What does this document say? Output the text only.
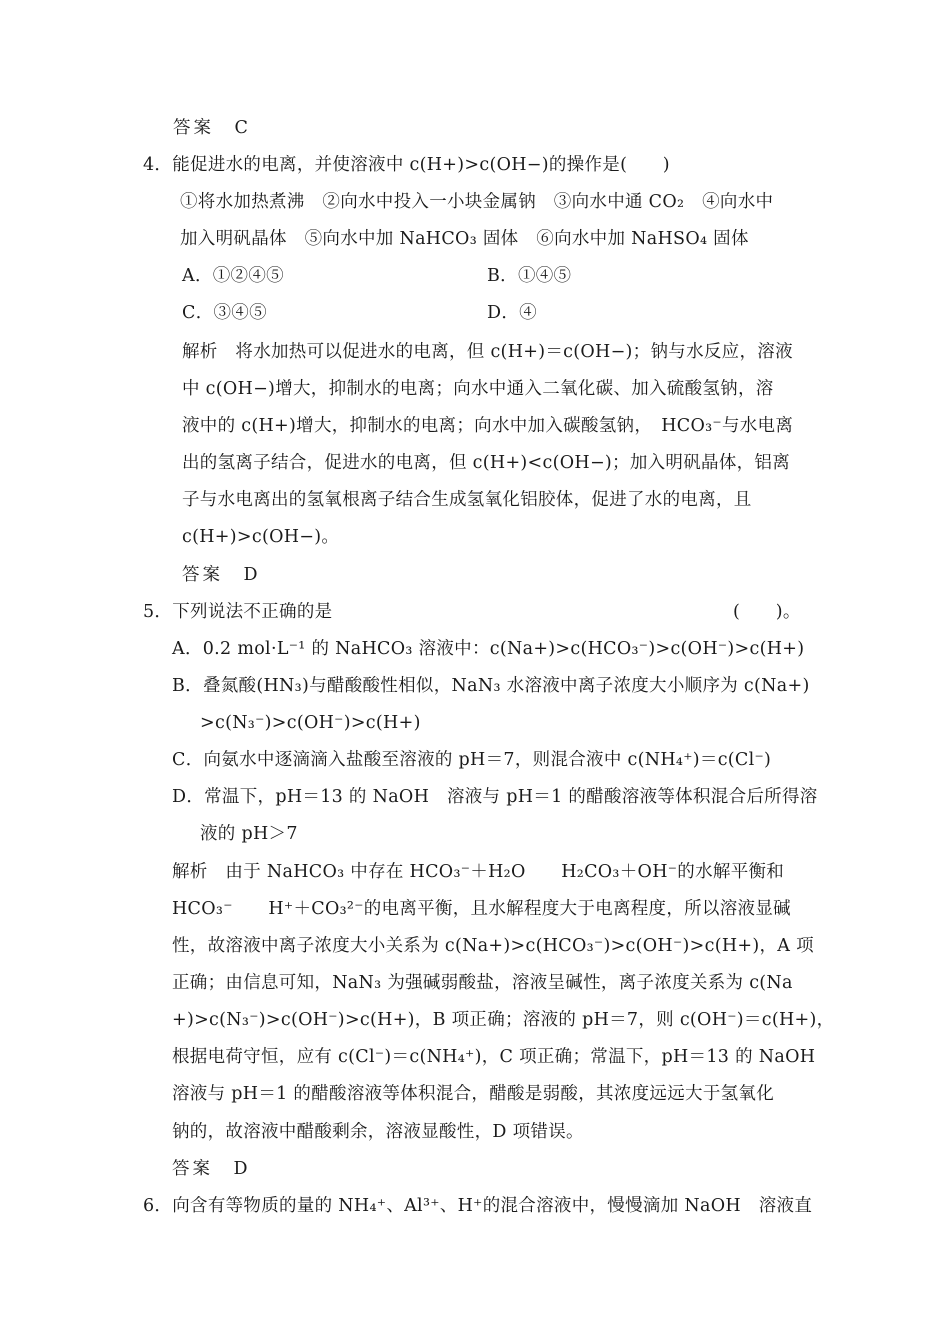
答案　C
4．能促进水的电离，并使溶液中 c(H+)>c(OH−)的操作是(　　)
①将水加热煮沸　②向水中投入一小块金属钠　③向水中通 CO₂　④向水中
加入明矾晶体　⑤向水中加 NaHCO₃ 固体　⑥向水中加 NaHSO₄ 固体
A．①②④⑤	B．①④⑤
C．③④⑤	D．④
解析　将水加热可以促进水的电离，但 c(H+)＝c(OH−)；钠与水反应，溶液
中 c(OH−)增大，抑制水的电离；向水中通入二氧化碳、加入硫酸氢钠，溶
液中的 c(H+)增大，抑制水的电离；向水中加入碳酸氢钠，　HCO₃⁻与水电离
出的氢离子结合，促进水的电离，但 c(H+)<c(OH−)；加入明矾晶体，铝离
子与水电离出的氢氧根离子结合生成氢氧化铝胶体，促进了水的电离，且
c(H+)>c(OH−)。
答案　D
5．下列说法不正确的是	(　　)。
A．0.2 mol·L⁻¹ 的 NaHCO₃ 溶液中：c(Na+)>c(HCO₃⁻)>c(OH⁻)>c(H+)
B．叠氮酸(HN₃)与醋酸酸性相似，NaN₃ 水溶液中离子浓度大小顺序为 c(Na+)
>c(N₃⁻)>c(OH⁻)>c(H+)
C．向氨水中逐滴滴入盐酸至溶液的 pH＝7，则混合液中 c(NH₄⁺)＝c(Cl⁻)
D．常温下，pH＝13 的 NaOH　溶液与 pH＝1 的醋酸溶液等体积混合后所得溶
液的 pH＞7
解析　由于 NaHCO₃ 中存在 HCO₃⁻＋H₂O　　H₂CO₃＋OH⁻的水解平衡和
HCO₃⁻　　H⁺＋CO₃²⁻的电离平衡，且水解程度大于电离程度，所以溶液显碱
性，故溶液中离子浓度大小关系为 c(Na+)>c(HCO₃⁻)>c(OH⁻)>c(H+)，A 项
正确；由信息可知，NaN₃ 为强碱弱酸盐，溶液呈碱性，离子浓度关系为 c(Na
+)>c(N₃⁻)>c(OH⁻)>c(H+)，B 项正确；溶液的 pH＝7，则 c(OH⁻)＝c(H+)，
根据电荷守恒，应有 c(Cl⁻)＝c(NH₄⁺)，C 项正确；常温下，pH＝13 的 NaOH
溶液与 pH＝1 的醋酸溶液等体积混合，醋酸是弱酸，其浓度远远大于氢氧化
钠的，故溶液中醋酸剩余，溶液显酸性，D 项错误。
答案　D
6．向含有等物质的量的 NH₄⁺、Al³⁺、H⁺的混合溶液中，慢慢滴加 NaOH　溶液直
